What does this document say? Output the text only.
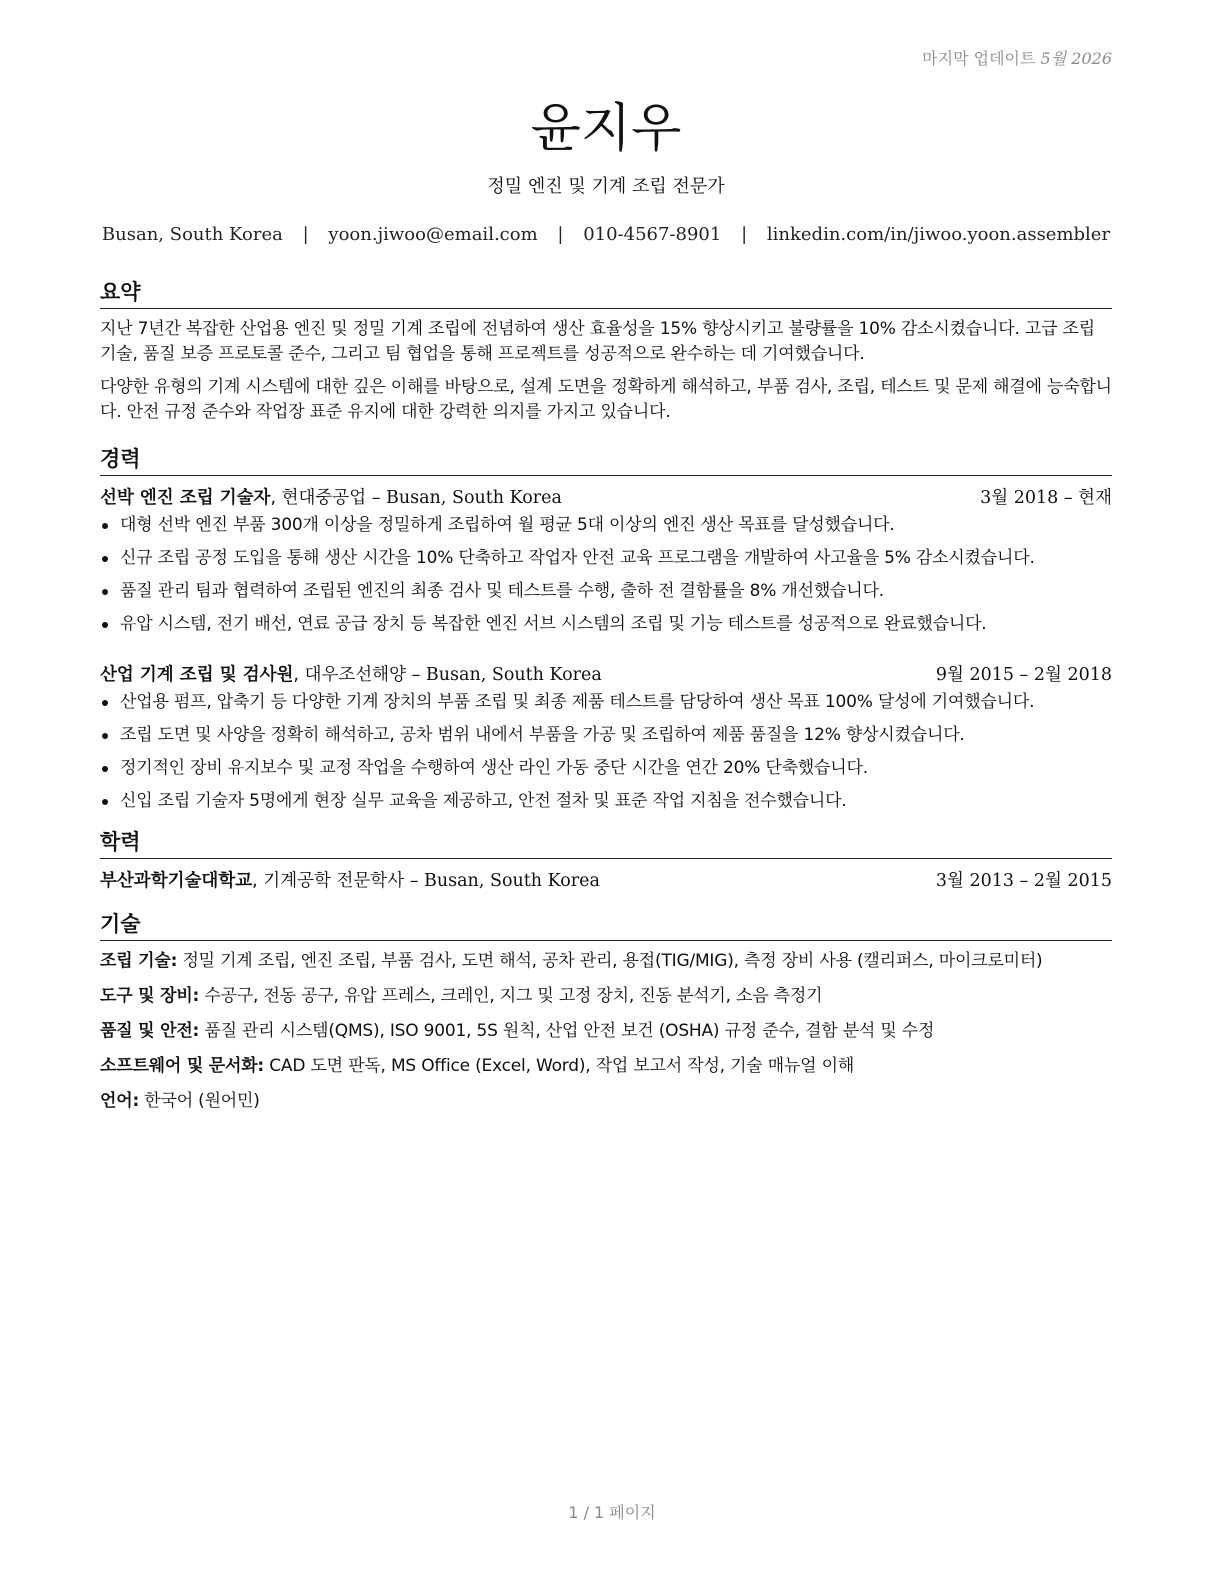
마지막 업데이트 5월 2026
윤지우
정밀 엔진 및 기계 조립 전문가
Busan, South Korea | yoon.jiwoo@email.com | 010-4567-8901 | linkedin.com/in/jiwoo.yoon.assembler
요약

지난 7년간 복잡한 산업용 엔진 및 정밀 기계 조립에 전념하여 생산 효율성을 15% 향상시키고 불량률을 10% 감소시켰습니다. 고급 조립 기술, 품질 보증 프로토콜 준수, 그리고 팀 협업을 통해 프로젝트를 성공적으로 완수하는 데 기여했습니다.

다양한 유형의 기계 시스템에 대한 깊은 이해를 바탕으로, 설계 도면을 정확하게 해석하고, 부품 검사, 조립, 테스트 및 문제 해결에 능숙합니다. 안전 규정 준수와 작업장 표준 유지에 대한 강력한 의지를 가지고 있습니다.

경력
선박 엔진 조립 기술자, 현대중공업 – Busan, South Korea	3월 2018 – 현재
대형 선박 엔진 부품 300개 이상을 정밀하게 조립하여 월 평균 5대 이상의 엔진 생산 목표를 달성했습니다.
신규 조립 공정 도입을 통해 생산 시간을 10% 단축하고 작업자 안전 교육 프로그램을 개발하여 사고율을 5% 감소시켰습니다.
품질 관리 팀과 협력하여 조립된 엔진의 최종 검사 및 테스트를 수행, 출하 전 결함률을 8% 개선했습니다.
유압 시스템, 전기 배선, 연료 공급 장치 등 복잡한 엔진 서브 시스템의 조립 및 기능 테스트를 성공적으로 완료했습니다.
산업 기계 조립 및 검사원, 대우조선해양 – Busan, South Korea	9월 2015 – 2월 2018
산업용 펌프, 압축기 등 다양한 기계 장치의 부품 조립 및 최종 제품 테스트를 담당하여 생산 목표 100% 달성에 기여했습니다.
조립 도면 및 사양을 정확히 해석하고, 공차 범위 내에서 부품을 가공 및 조립하여 제품 품질을 12% 향상시켰습니다.
정기적인 장비 유지보수 및 교정 작업을 수행하여 생산 라인 가동 중단 시간을 연간 20% 단축했습니다.
신입 조립 기술자 5명에게 현장 실무 교육을 제공하고, 안전 절차 및 표준 작업 지침을 전수했습니다.
학력
부산과학기술대학교, 기계공학 전문학사 – Busan, South Korea	3월 2013 – 2월 2015
기술
조립 기술: 정밀 기계 조립, 엔진 조립, 부품 검사, 도면 해석, 공차 관리, 용접(TIG/MIG), 측정 장비 사용 (캘리퍼스, 마이크로미터)
도구 및 장비: 수공구, 전동 공구, 유압 프레스, 크레인, 지그 및 고정 장치, 진동 분석기, 소음 측정기
품질 및 안전: 품질 관리 시스템(QMS), ISO 9001, 5S 원칙, 산업 안전 보건 (OSHA) 규정 준수, 결함 분석 및 수정
소프트웨어 및 문서화: CAD 도면 판독, MS Office (Excel, Word), 작업 보고서 작성, 기술 매뉴얼 이해
언어: 한국어 (원어민)
1 / 1 페이지
